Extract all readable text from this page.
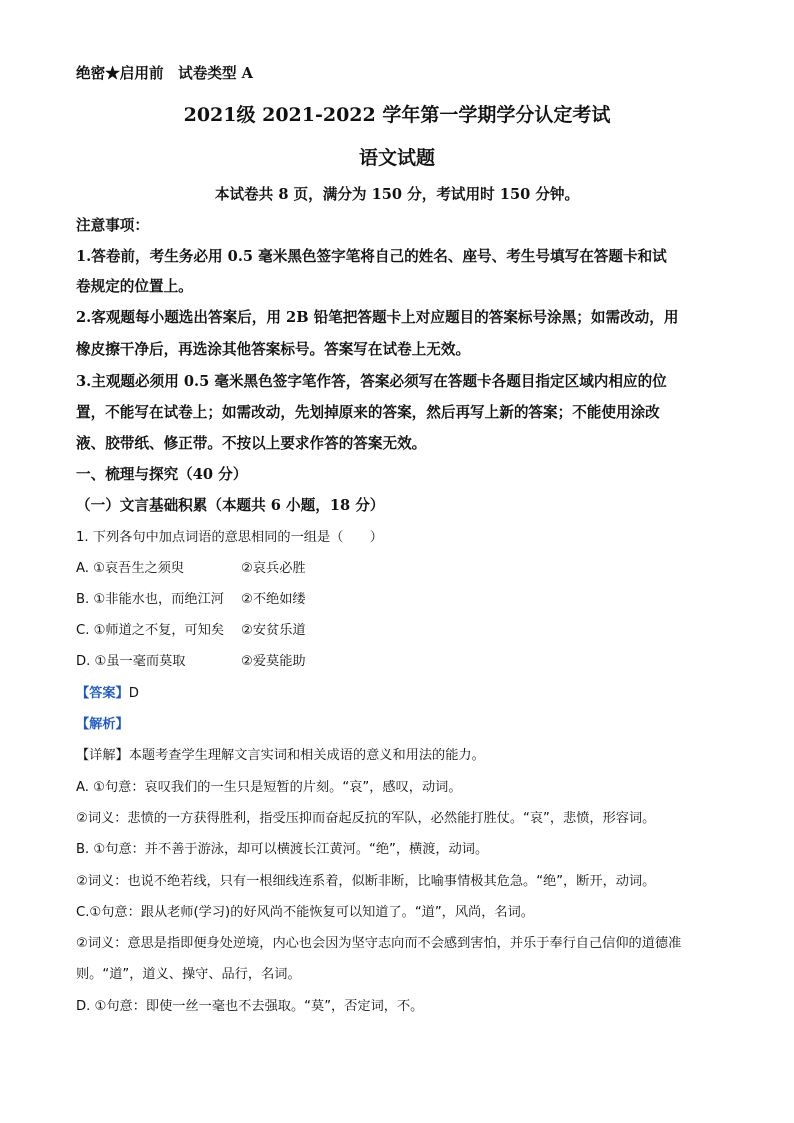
绝密★启用前　试卷类型 A
2021级 2021-2022 学年第一学期学分认定考试
语文试题
本试卷共 8 页，满分为 150 分，考试用时 150 分钟。
注意事项：
1.答卷前，考生务必用 0.5 毫米黑色签字笔将自己的姓名、座号、考生号填写在答题卡和试
卷规定的位置上。
2.客观题每小题选出答案后，用 2B 铅笔把答题卡上对应题目的答案标号涂黑；如需改动，用
橡皮擦干净后，再选涂其他答案标号。答案写在试卷上无效。
3.主观题必须用 0.5 毫米黑色签字笔作答，答案必须写在答题卡各题目指定区域内相应的位
置，不能写在试卷上；如需改动，先划掉原来的答案，然后再写上新的答案；不能使用涂改
液、胶带纸、修正带。不按以上要求作答的答案无效。
一、梳理与探究（40 分）
（一）文言基础积累（本题共 6 小题，18 分）
1. 下列各句中加点词语的意思相同的一组是（　　）
A. ①哀吾生之须臾	②哀兵必胜
B. ①非能水也，而绝江河 ②不绝如缕
C. ①师道之不复，可知矣 ②安贫乐道
D. ①虽一毫而莫取	②爱莫能助
【答案】D
【解析】
【详解】本题考查学生理解文言实词和相关成语的意义和用法的能力。
A. ①句意：哀叹我们的一生只是短暂的片刻。“哀”，感叹，动词。
②词义：悲愤的一方获得胜利，指受压抑而奋起反抗的军队，必然能打胜仗。“哀”，悲愤，形容词。
B. ①句意：并不善于游泳，却可以横渡长江黄河。“绝”，横渡，动词。
②词义：也说不绝若线，只有一根细线连系着，似断非断，比喻事情极其危急。“绝”，断开，动词。
C.①句意：跟从老师(学习)的好风尚不能恢复可以知道了。“道”，风尚，名词。
②词义：意思是指即便身处逆境，内心也会因为坚守志向而不会感到害怕，并乐于奉行自己信仰的道德准
则。“道”，道义、操守、品行，名词。
D. ①句意：即使一丝一毫也不去强取。“莫”，否定词，不。
